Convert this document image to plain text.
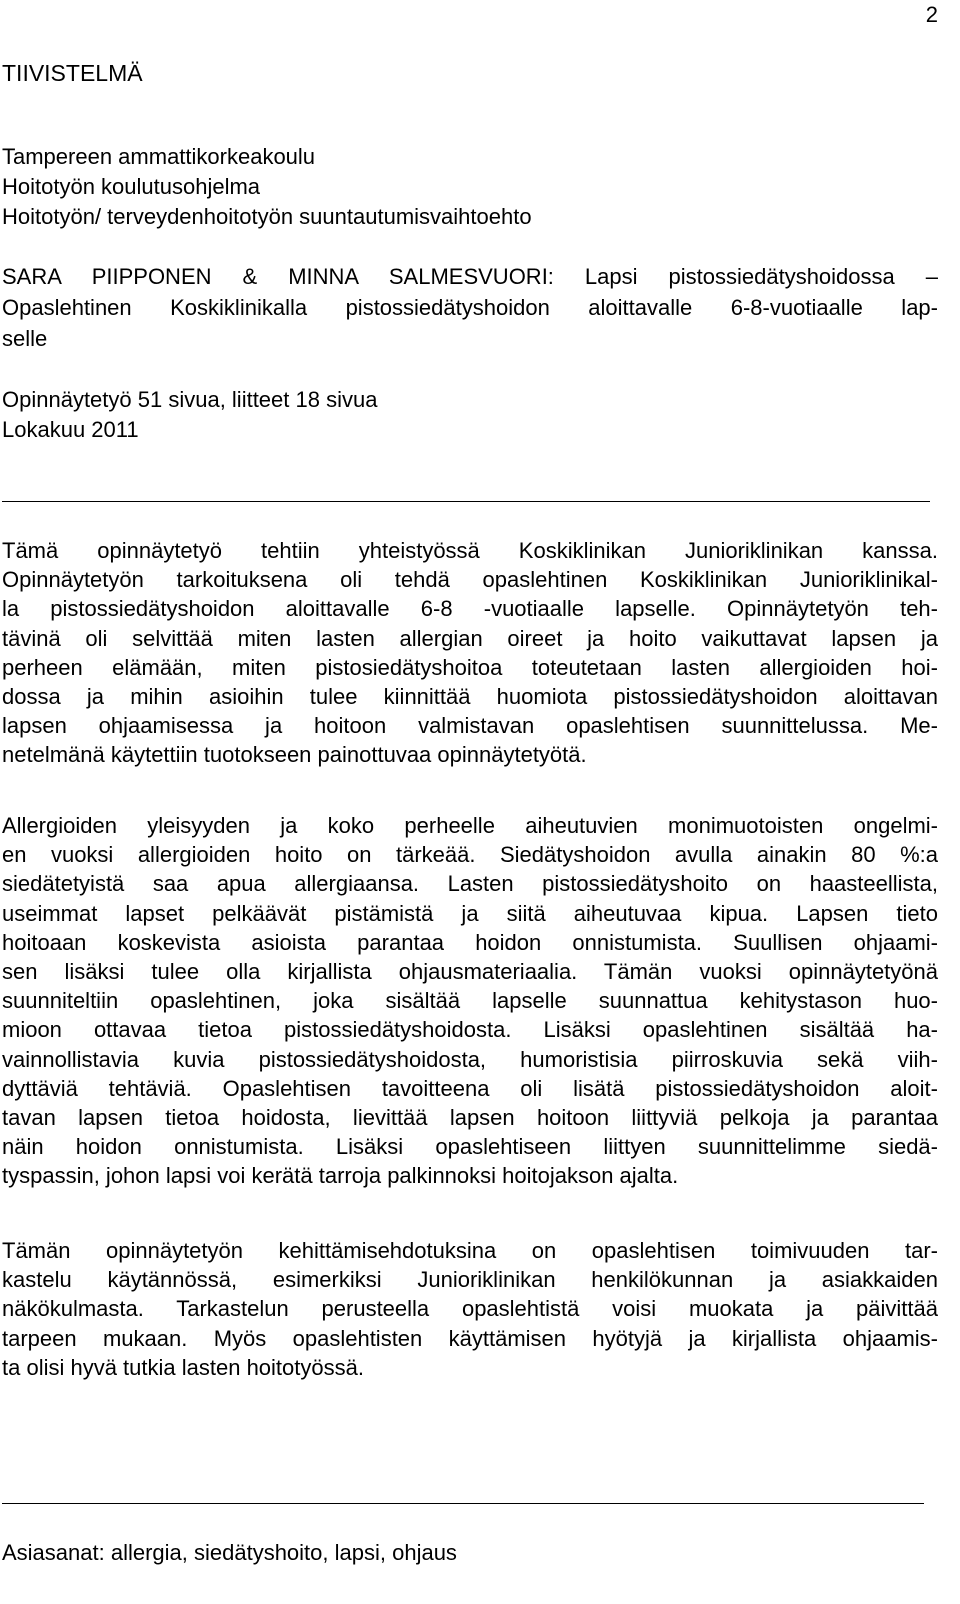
2
TIIVISTELMÄ
Tampereen ammattikorkeakoulu
Hoitotyön koulutusohjelma
Hoitotyön/ terveydenhoitotyön suuntautumisvaihtoehto
SARA PIIPPONEN & MINNA SALMESVUORI: Lapsi pistossiedätyshoidossa –
Opaslehtinen Koskiklinikalla pistossiedätyshoidon aloittavalle 6-8-vuotiaalle lap-
selle
Opinnäytetyö 51 sivua, liitteet 18 sivua
Lokakuu 2011
Tämä opinnäytetyö tehtiin yhteistyössä Koskiklinikan Junioriklinikan kanssa.
Opinnäytetyön tarkoituksena oli tehdä opaslehtinen Koskiklinikan Junioriklinikal-
la pistossiedätyshoidon aloittavalle 6-8 -vuotiaalle lapselle. Opinnäytetyön teh-
tävinä oli selvittää miten lasten allergian oireet ja hoito vaikuttavat lapsen ja
perheen elämään, miten pistosiedätyshoitoa toteutetaan lasten allergioiden hoi-
dossa ja mihin asioihin tulee kiinnittää huomiota pistossiedätyshoidon aloittavan
lapsen ohjaamisessa ja hoitoon valmistavan opaslehtisen suunnittelussa. Me-
netelmänä käytettiin tuotokseen painottuvaa opinnäytetyötä.
Allergioiden yleisyyden ja koko perheelle aiheutuvien monimuotoisten ongelmi-
en vuoksi allergioiden hoito on tärkeää. Siedätyshoidon avulla ainakin 80 %:a
siedätetyistä saa apua allergiaansa. Lasten pistossiedätyshoito on haasteellista,
useimmat lapset pelkäävät pistämistä ja siitä aiheutuvaa kipua. Lapsen tieto
hoitoaan koskevista asioista parantaa hoidon onnistumista. Suullisen ohjaami-
sen lisäksi tulee olla kirjallista ohjausmateriaalia. Tämän vuoksi opinnäytetyönä
suunniteltiin opaslehtinen, joka sisältää lapselle suunnattua kehitystason huo-
mioon ottavaa tietoa pistossiedätyshoidosta. Lisäksi opaslehtinen sisältää ha-
vainnollistavia kuvia pistossiedätyshoidosta, humoristisia piirroskuvia sekä viih-
dyttäviä tehtäviä. Opaslehtisen tavoitteena oli lisätä pistossiedätyshoidon aloit-
tavan lapsen tietoa hoidosta, lievittää lapsen hoitoon liittyviä pelkoja ja parantaa
näin hoidon onnistumista. Lisäksi opaslehtiseen liittyen suunnittelimme siedä-
tyspassin, johon lapsi voi kerätä tarroja palkinnoksi hoitojakson ajalta.
Tämän opinnäytetyön kehittämisehdotuksina on opaslehtisen toimivuuden tar-
kastelu käytännössä, esimerkiksi Junioriklinikan henkilökunnan ja asiakkaiden
näkökulmasta. Tarkastelun perusteella opaslehtistä voisi muokata ja päivittää
tarpeen mukaan. Myös opaslehtisten käyttämisen hyötyjä ja kirjallista ohjaamis-
ta olisi hyvä tutkia lasten hoitotyössä.
Asiasanat: allergia, siedätyshoito, lapsi, ohjaus
